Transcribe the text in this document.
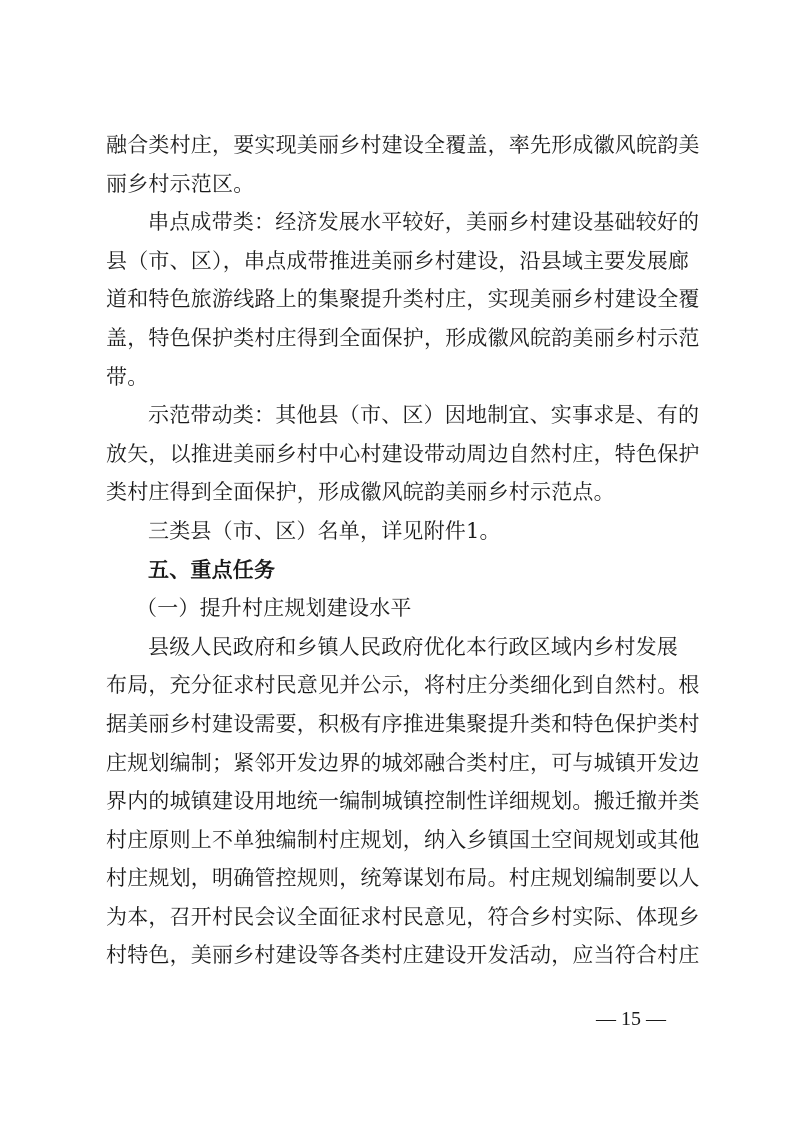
融合类村庄，要实现美丽乡村建设全覆盖，率先形成徽风皖韵美
丽乡村示范区。
串点成带类：经济发展水平较好，美丽乡村建设基础较好的
县（市、区），串点成带推进美丽乡村建设，沿县域主要发展廊
道和特色旅游线路上的集聚提升类村庄，实现美丽乡村建设全覆
盖，特色保护类村庄得到全面保护，形成徽风皖韵美丽乡村示范
带。
示范带动类：其他县（市、区）因地制宜、实事求是、有的
放矢，以推进美丽乡村中心村建设带动周边自然村庄，特色保护
类村庄得到全面保护，形成徽风皖韵美丽乡村示范点。
三类县（市、区）名单，详见附件1。
五、重点任务
（一）提升村庄规划建设水平
县级人民政府和乡镇人民政府优化本行政区域内乡村发展
布局，充分征求村民意见并公示，将村庄分类细化到自然村。根
据美丽乡村建设需要，积极有序推进集聚提升类和特色保护类村
庄规划编制；紧邻开发边界的城郊融合类村庄，可与城镇开发边
界内的城镇建设用地统一编制城镇控制性详细规划。搬迁撤并类
村庄原则上不单独编制村庄规划，纳入乡镇国土空间规划或其他
村庄规划，明确管控规则，统筹谋划布局。村庄规划编制要以人
为本，召开村民会议全面征求村民意见，符合乡村实际、体现乡
村特色，美丽乡村建设等各类村庄建设开发活动，应当符合村庄
— 15 —
